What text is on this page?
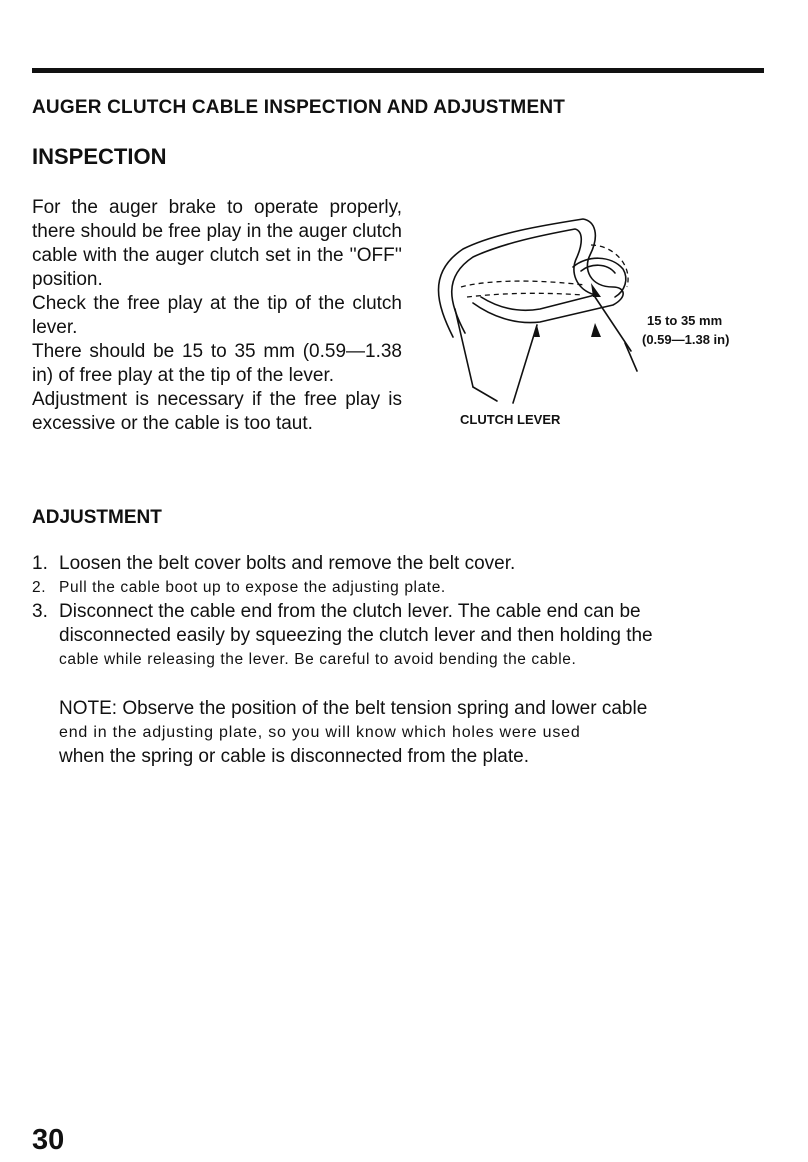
AUGER CLUTCH CABLE INSPECTION AND ADJUSTMENT
INSPECTION

For the auger brake to operate properly, there should be free play in the auger clutch cable with the auger clutch set in the ''OFF'' position.

Check the free play at the tip of the clutch lever.

There should be 15 to 35 mm (0.59—1.38 in) of free play at the tip of the lever.

Adjustment is necessary if the free play is excessive or the cable is too taut.	CLUTCH LEVER
15 to 35 mm
(0.59—1.38 in)
ADJUSTMENT
1. Loosen the belt cover bolts and remove the belt cover.
2. Pull the cable boot up to expose the adjusting plate.
3. Disconnect the cable end from the clutch lever. The cable end can be
disconnected easily by squeezing the clutch lever and then holding the
cable while releasing the lever. Be careful to avoid bending the cable.
NOTE: Observe the position of the belt tension spring and lower cable
end in the adjusting plate, so you will know which holes were used
when the spring or cable is disconnected from the plate.
30
